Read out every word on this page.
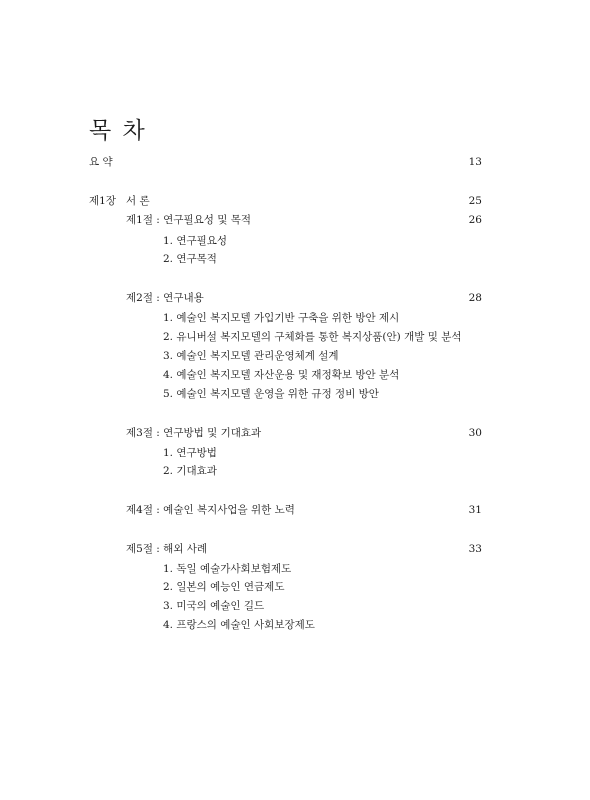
목 차
요 약	13
제1장 서 론	25
제1절 : 연구필요성 및 목적	26
1. 연구필요성
2. 연구목적
제2절 : 연구내용	28
1. 예술인 복지모델 가입기반 구축을 위한 방안 제시
2. 유니버설 복지모델의 구체화를 통한 복지상품(안) 개발 및 분석
3. 예술인 복지모델 관리운영체계 설계
4. 예술인 복지모델 자산운용 및 재정확보 방안 분석
5. 예술인 복지모델 운영을 위한 규정 정비 방안
제3절 : 연구방법 및 기대효과	30
1. 연구방법
2. 기대효과
제4절 : 예술인 복지사업을 위한 노력	31
제5절 : 해외 사례	33
1. 독일 예술가사회보험제도
2. 일본의 예능인 연금제도
3. 미국의 예술인 길드
4. 프랑스의 예술인 사회보장제도
